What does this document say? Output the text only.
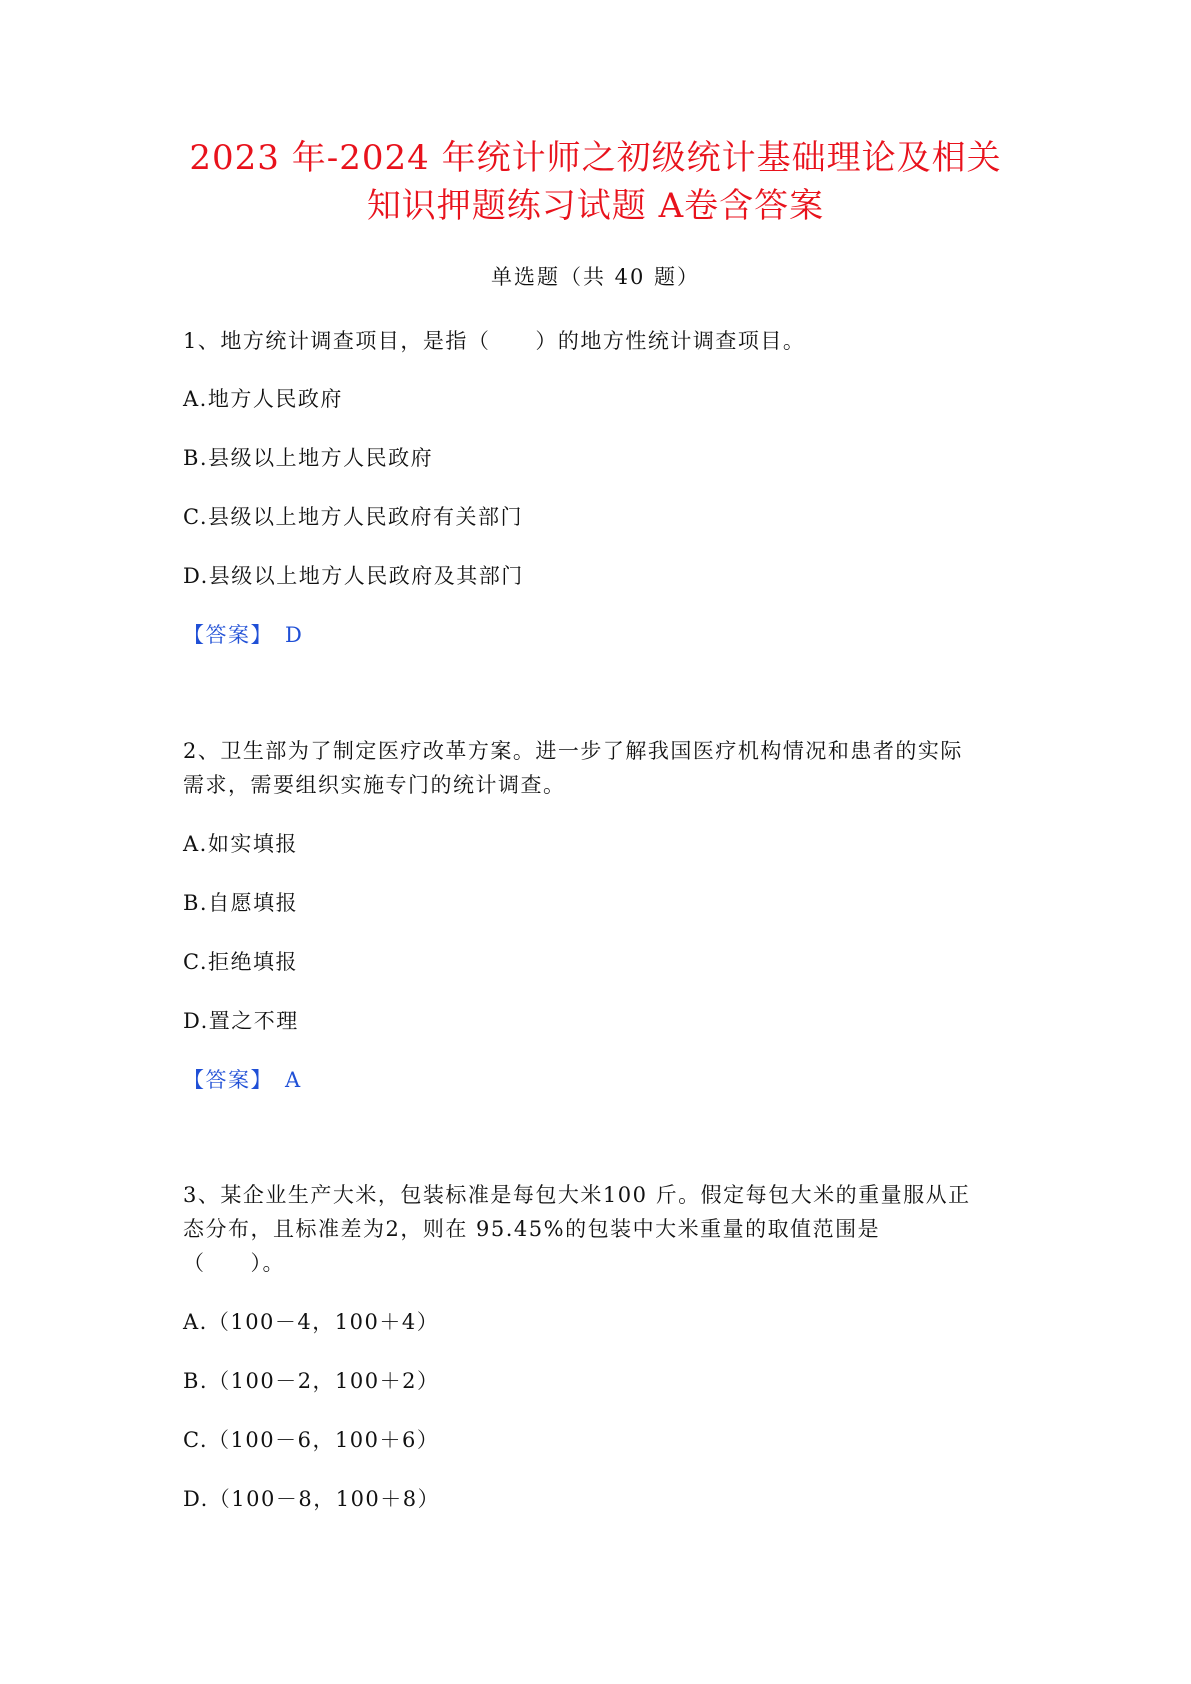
2023 年-2024 年统计师之初级统计基础理论及相关
知识押题练习试题 A卷含答案
单选题（共 40 题）
1、地方统计调查项目，是指（　　）的地方性统计调查项目。
A.地方人民政府
B.县级以上地方人民政府
C.县级以上地方人民政府有关部门
D.县级以上地方人民政府及其部门
【答案】 D
2、卫生部为了制定医疗改革方案。进一步了解我国医疗机构情况和患者的实际
需求，需要组织实施专门的统计调查。
A.如实填报
B.自愿填报
C.拒绝填报
D.置之不理
【答案】 A
3、某企业生产大米，包装标准是每包大米100 斤。假定每包大米的重量服从正
态分布，且标准差为2，则在 95.45%的包装中大米重量的取值范围是
（　　）。
A.（100－4，100＋4）
B.（100－2，100＋2）
C.（100－6，100＋6）
D.（100－8，100＋8）
